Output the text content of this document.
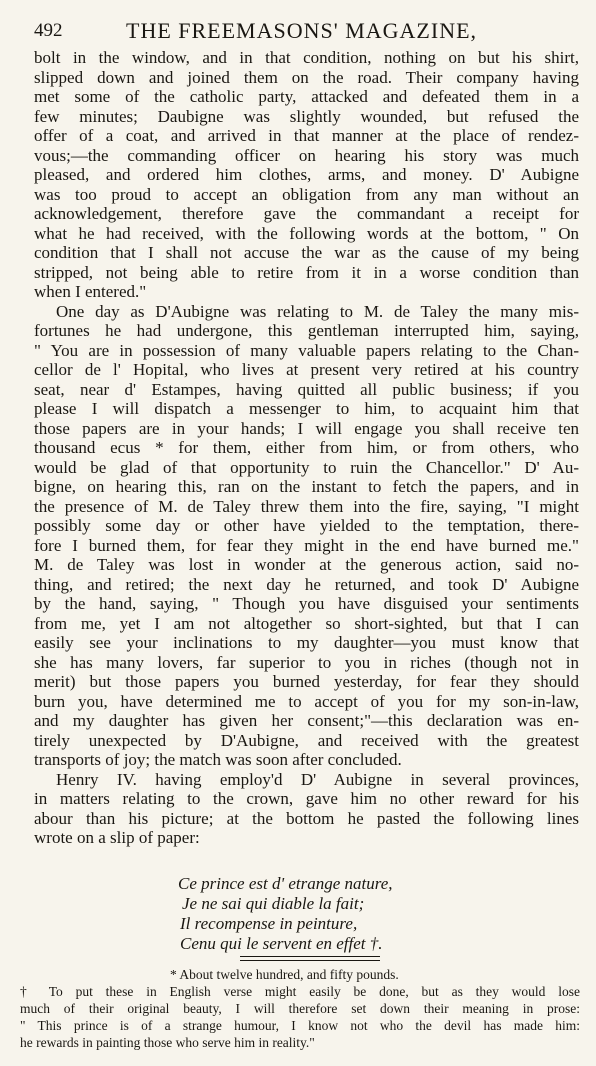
492	THE FREEMASONS' MAGAZINE,
bolt in the window, and in that condition, nothing on but his shirt,
slipped down and joined them on the road. Their company having
met some of the catholic party, attacked and defeated them in a
few minutes; Daubigne was slightly wounded, but refused the
offer of a coat, and arrived in that manner at the place of rendez-
vous;—the commanding officer on hearing his story was much
pleased, and ordered him clothes, arms, and money. D' Aubigne
was too proud to accept an obligation from any man without an
acknowledgement, therefore gave the commandant a receipt for
what he had received, with the following words at the bottom, " On
condition that I shall not accuse the war as the cause of my being
stripped, not being able to retire from it in a worse condition than
when I entered."
One day as D'Aubigne was relating to M. de Taley the many mis-
fortunes he had undergone, this gentleman interrupted him, saying,
" You are in possession of many valuable papers relating to the Chan-
cellor de l' Hopital, who lives at present very retired at his country
seat, near d' Estampes, having quitted all public business; if you
please I will dispatch a messenger to him, to acquaint him that
those papers are in your hands; I will engage you shall receive ten
thousand ecus * for them, either from him, or from others, who
would be glad of that opportunity to ruin the Chancellor." D' Au-
bigne, on hearing this, ran on the instant to fetch the papers, and in
the presence of M. de Taley threw them into the fire, saying, "I might
possibly some day or other have yielded to the temptation, there-
fore I burned them, for fear they might in the end have burned me."
M. de Taley was lost in wonder at the generous action, said no-
thing, and retired; the next day he returned, and took D' Aubigne
by the hand, saying, " Though you have disguised your sentiments
from me, yet I am not altogether so short-sighted, but that I can
easily see your inclinations to my daughter—you must know that
she has many lovers, far superior to you in riches (though not in
merit) but those papers you burned yesterday, for fear they should
burn you, have determined me to accept of you for my son-in-law,
and my daughter has given her consent;"—this declaration was en-
tirely unexpected by D'Aubigne, and received with the greatest
transports of joy; the match was soon after concluded.
Henry IV. having employ'd D' Aubigne in several provinces,
in matters relating to the crown, gave him no other reward for his
abour than his picture; at the bottom he pasted the following lines
wrote on a slip of paper:
Ce prince est d' etrange nature,
Je ne sai qui diable la fait;
Il recompense in peinture,
Cenu qui le servent en effet †.
* About twelve hundred, and fifty pounds.
† To put these in English verse might easily be done, but as they would lose
much of their original beauty, I will therefore set down their meaning in prose:
" This prince is of a strange humour, I know not who the devil has made him:
he rewards in painting those who serve him in reality."
